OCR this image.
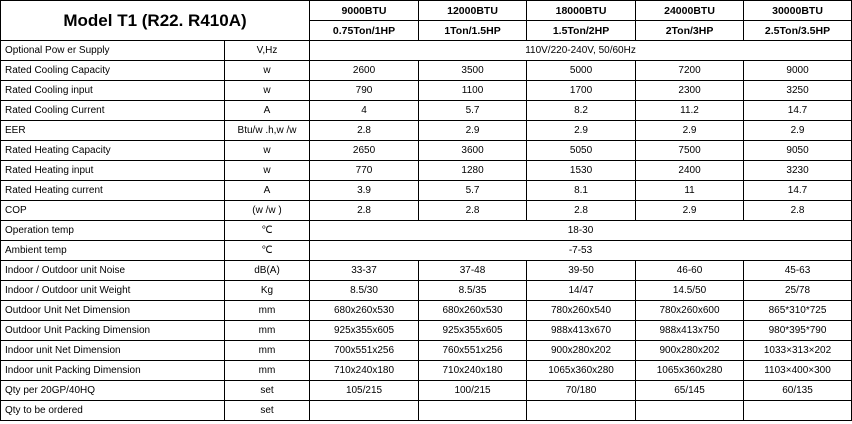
Model T1 (R22. R410A)		9000BTU	12000BTU	18000BTU	24000BTU	30000BTU
		0.75Ton/1HP	1Ton/1.5HP	1.5Ton/2HP	2Ton/3HP	2.5Ton/3.5HP
Optional Pow er Supply	V,Hz	110V/220-240V, 50/60Hz				
Rated Cooling Capacity	w	2600	3500	5000	7200	9000
Rated Cooling input	w	790	1100	1700	2300	3250
Rated Cooling Current	A	4	5.7	8.2	11.2	14.7
EER	Btu/w .h,w /w	2.8	2.9	2.9	2.9	2.9
Rated Heating Capacity	w	2650	3600	5050	7500	9050
Rated Heating input	w	770	1280	1530	2400	3230
Rated Heating current	A	3.9	5.7	8.1	11	14.7
COP	(w /w )	2.8	2.8	2.8	2.9	2.8
Operation temp	℃	18-30				
Ambient temp	℃	-7-53				
Indoor / Outdoor unit Noise	dB(A)	33-37	37-48	39-50	46-60	45-63
Indoor / Outdoor unit Weight	Kg	8.5/30	8.5/35	14/47	14.5/50	25/78
Outdoor Unit Net Dimension	mm	680x260x530	680x260x530	780x260x540	780x260x600	865*310*725
Outdoor Unit Packing Dimension	mm	925x355x605	925x355x605	988x413x670	988x413x750	980*395*790
Indoor unit Net Dimension	mm	700x551x256	760x551x256	900x280x202	900x280x202	1033×313×202
Indoor unit Packing Dimension	mm	710x240x180	710x240x180	1065x360x280	1065x360x280	1103×400×300
Qty per 20GP/40HQ	set	105/215	100/215	70/180	65/145	60/135
Qty to be ordered	set					
